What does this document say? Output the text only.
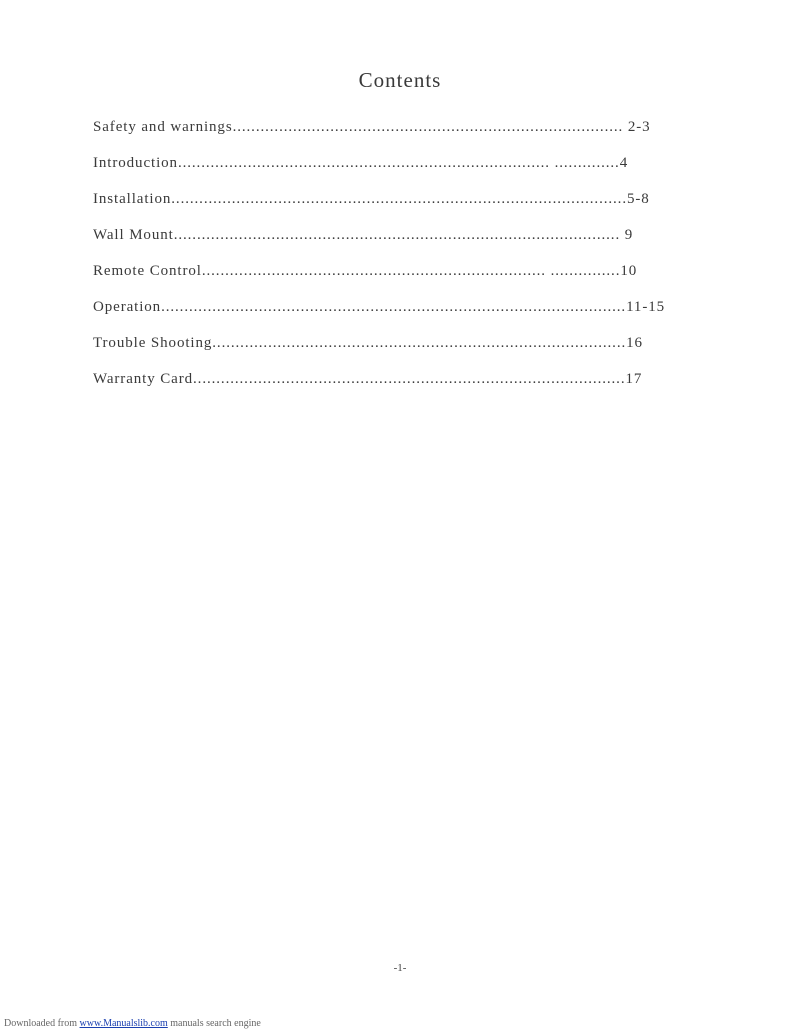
Contents
Safety and warnings.................................................................................... 2-3
Introduction................................................................................ ..............4
Installation..................................................................................................5-8
Wall Mount................................................................................................ 9
Remote Control.......................................................................... ...............10
Operation....................................................................................................11-15
Trouble Shooting.........................................................................................16
Warranty Card.............................................................................................17
-1-
Downloaded from www.Manualslib.com manuals search engine
